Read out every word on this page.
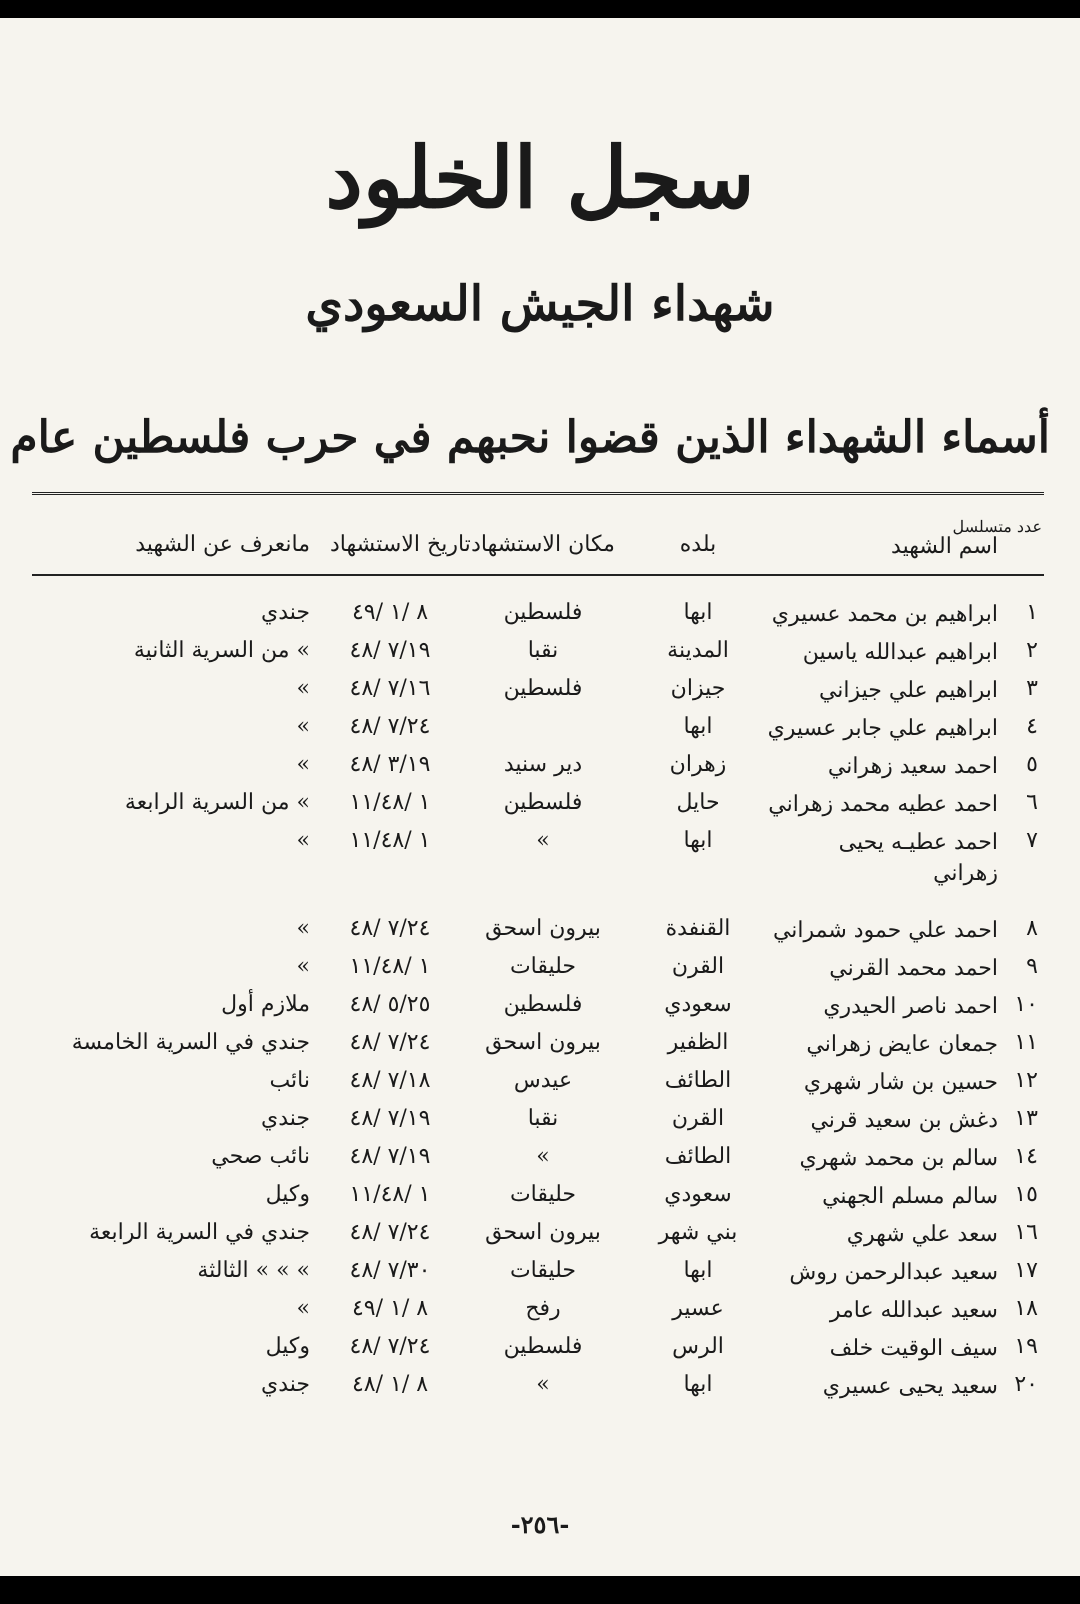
سجل الخلود
شهداء الجيش السعودي
أسماء الشهداء الذين قضوا نحبهم في حرب فلسطين عام
عدد متسلسل
اسم الشهيد
بلده
مكان الاستشهاد
تاريخ الاستشهاد
مانعرف عن الشهيد
١
ابراهيم بن محمد عسيري
ابها
فلسطين
٨ /١ /٤٩
جندي
٢
ابراهيم عبدالله ياسين
المدينة
نقبا
٧/١٩ /٤٨
» من السرية الثانية
٣
ابراهيم علي جيزاني
جيزان
فلسطين
٧/١٦ /٤٨
»
٤
ابراهيم علي جابر عسيري
ابها
٧/٢٤ /٤٨
»
٥
احمد سعيد زهراني
زهران
دير سنيد
٣/١٩ /٤٨
»
٦
احمد عطيه محمد زهراني
حايل
فلسطين
١ /١١/٤٨
» من السرية الرابعة
٧
احمد عطيـه يحيى زهراني
ابها
»
١ /١١/٤٨
»
٨
احمد علي حمود شمراني
القنفدة
بيرون اسحق
٧/٢٤ /٤٨
»
٩
احمد محمد القرني
القرن
حليقات
١ /١١/٤٨
»
١٠
احمد ناصر الحيدري
سعودي
فلسطين
٥/٢٥ /٤٨
ملازم أول
١١
جمعان عايض زهراني
الظفير
بيرون اسحق
٧/٢٤ /٤٨
جندي في السرية الخامسة
١٢
حسين بن شار شهري
الطائف
عيدس
٧/١٨ /٤٨
نائب
١٣
دغش بن سعيد قرني
القرن
نقبا
٧/١٩ /٤٨
جندي
١٤
سالم بن محمد شهري
الطائف
»
٧/١٩ /٤٨
نائب صحي
١٥
سالم مسلم الجهني
سعودي
حليقات
١ /١١/٤٨
وكيل
١٦
سعد علي شهري
بني شهر
بيرون اسحق
٧/٢٤ /٤٨
جندي في السرية الرابعة
١٧
سعيد عبدالرحمن روش
ابها
حليقات
٧/٣٠ /٤٨
» » » الثالثة
١٨
سعيد عبدالله عامر
عسير
رفح
٨ /١ /٤٩
»
١٩
سيف الوقيت خلف
الرس
فلسطين
٧/٢٤ /٤٨
وكيل
٢٠
سعيد يحيى عسيري
ابها
»
٨ /١ /٤٨
جندي
-٢٥٦-
